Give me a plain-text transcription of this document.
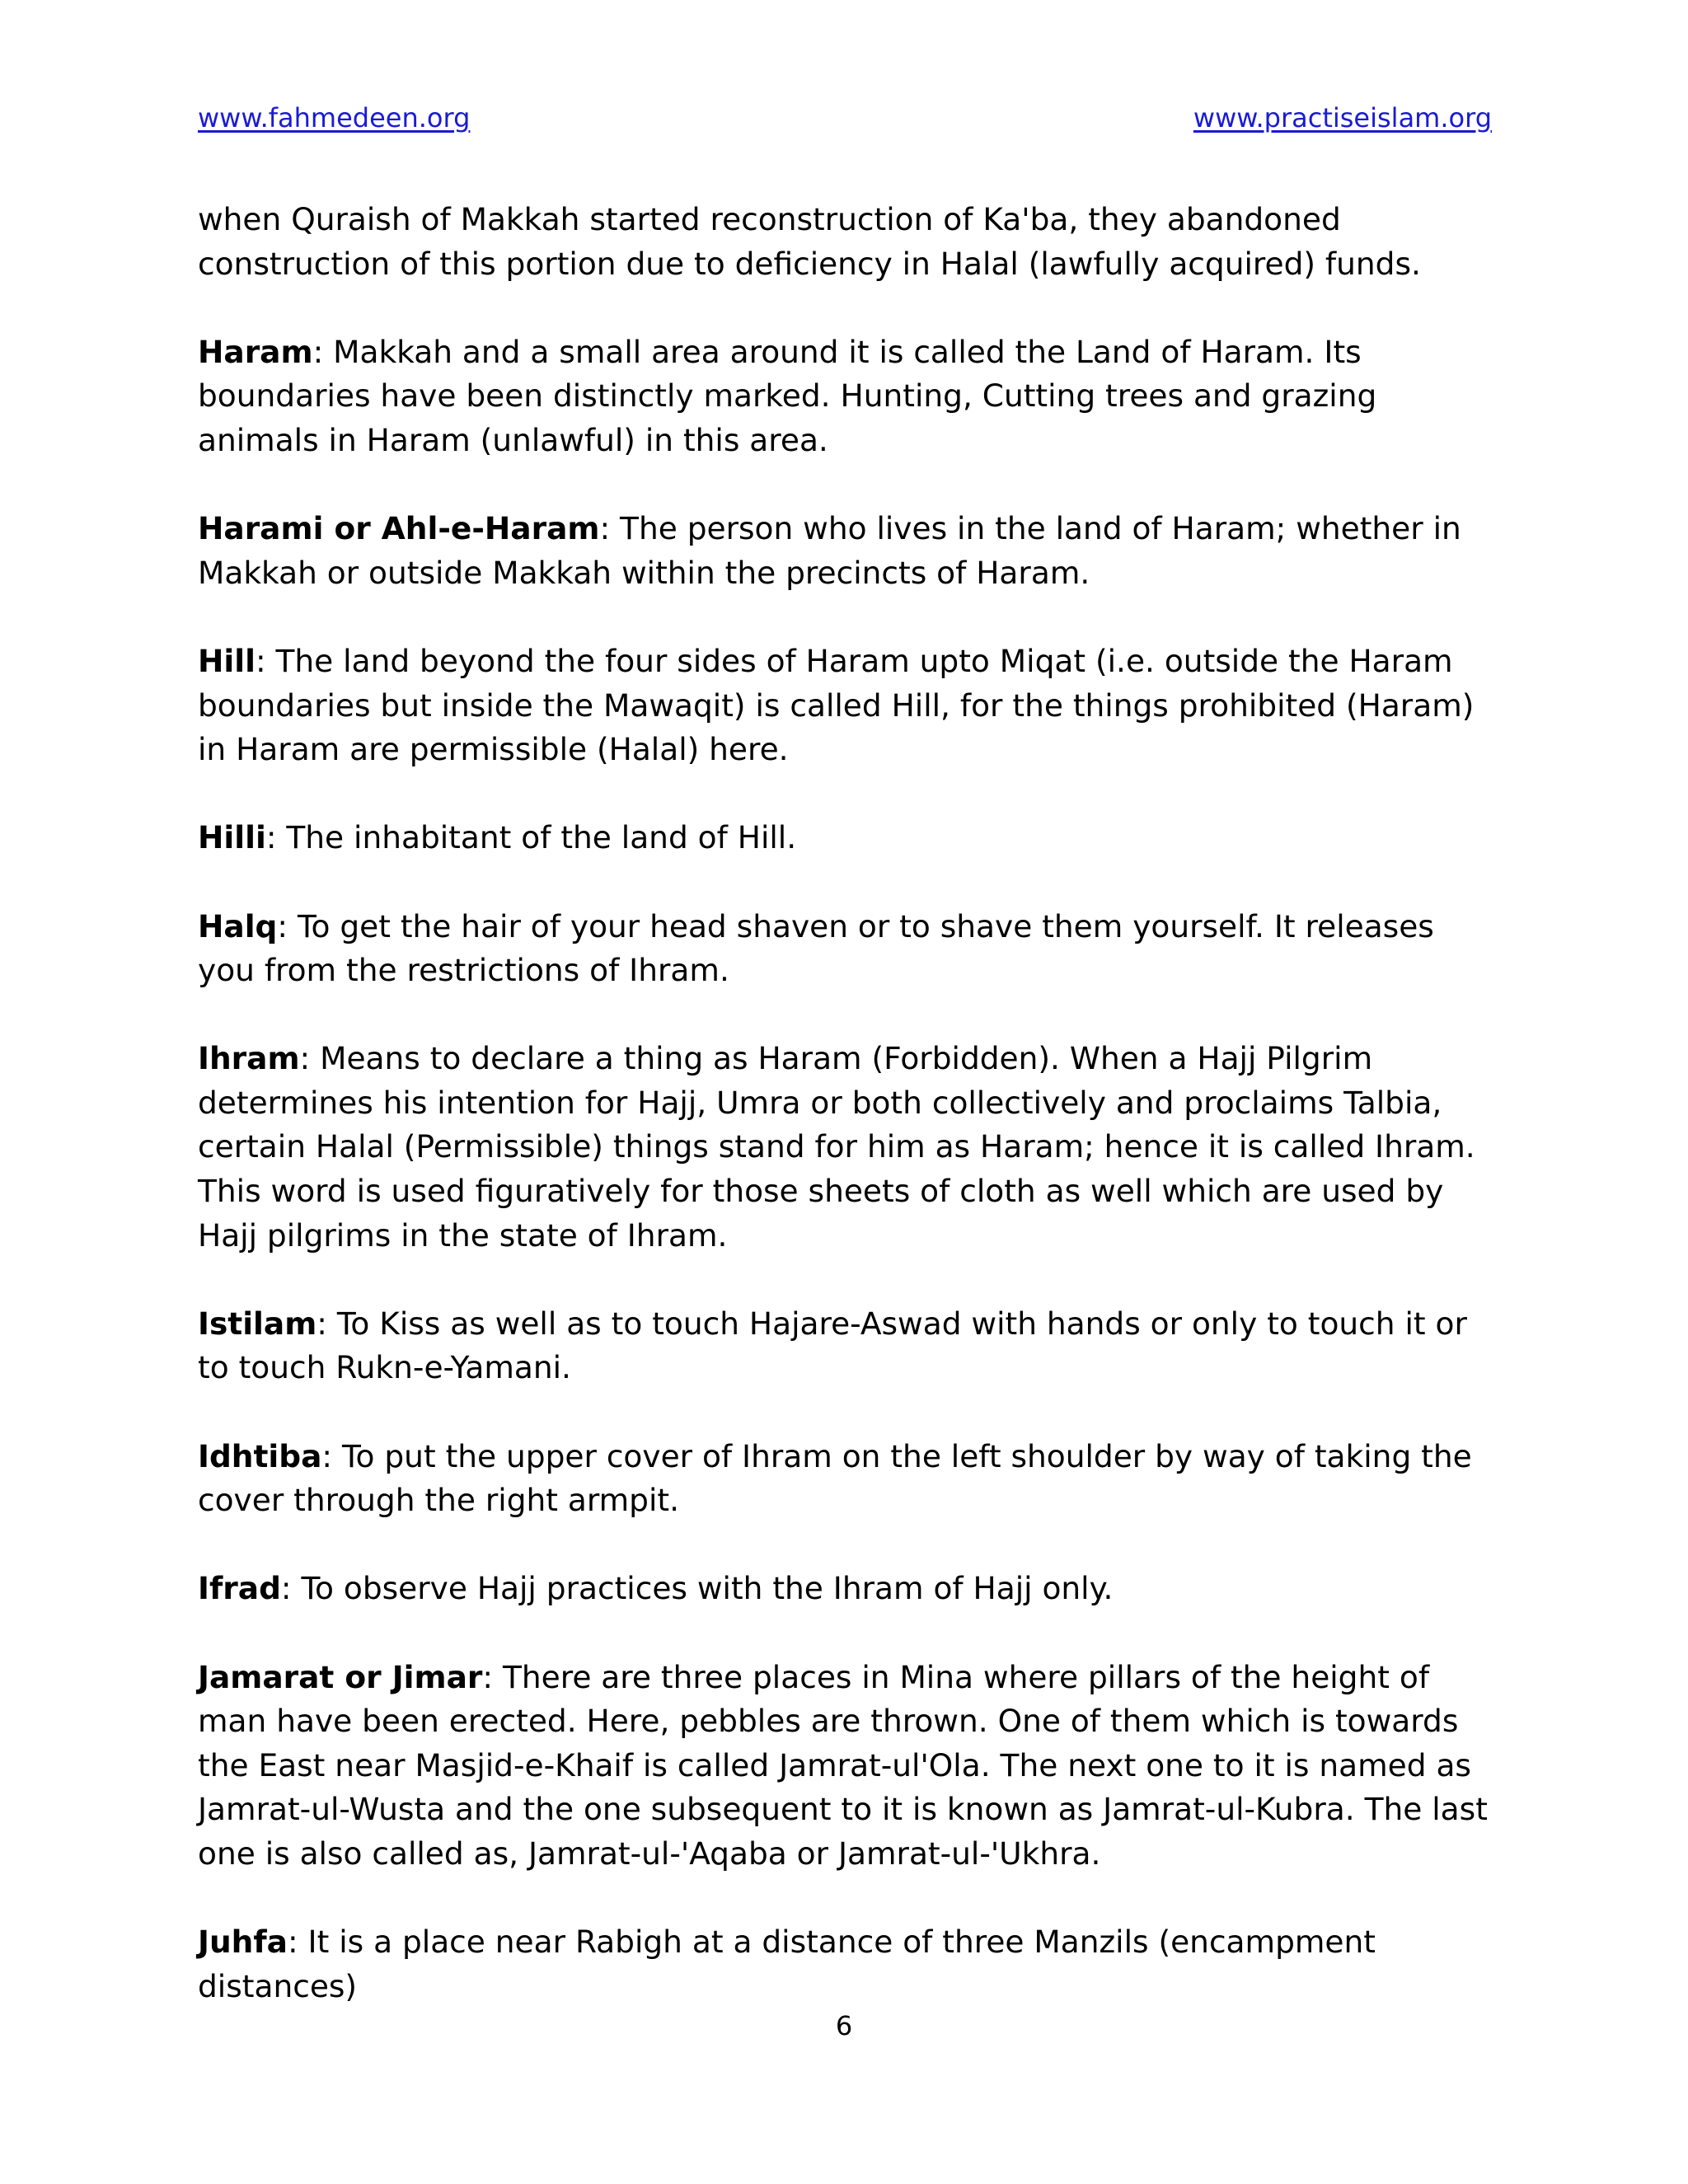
www.fahmedeen.org	www.practiseislam.org

when Quraish of Makkah started reconstruction of Ka'ba, they abandoned construction of this portion due to deficiency in Halal (lawfully acquired) funds.

Haram: Makkah and a small area around it is called the Land of Haram. Its boundaries have been distinctly marked. Hunting, Cutting trees and grazing animals in Haram (unlawful) in this area.

Harami or Ahl-e-Haram: The person who lives in the land of Haram; whether in Makkah or outside Makkah within the precincts of Haram.

Hill: The land beyond the four sides of Haram upto Miqat (i.e. outside the Haram boundaries but inside the Mawaqit) is called Hill, for the things prohibited (Haram) in Haram are permissible (Halal) here.

Hilli: The inhabitant of the land of Hill.

Halq: To get the hair of your head shaven or to shave them yourself. It releases you from the restrictions of Ihram.

Ihram: Means to declare a thing as Haram (Forbidden). When a Hajj Pilgrim determines his intention for Hajj, Umra or both collectively and proclaims Talbia, certain Halal (Permissible) things stand for him as Haram; hence it is called Ihram. This word is used figuratively for those sheets of cloth as well which are used by Hajj pilgrims in the state of Ihram.

Istilam: To Kiss as well as to touch Hajare-Aswad with hands or only to touch it or to touch Rukn-e-Yamani.

Idhtiba: To put the upper cover of Ihram on the left shoulder by way of taking the cover through the right armpit.

Ifrad: To observe Hajj practices with the Ihram of Hajj only.

Jamarat or Jimar: There are three places in Mina where pillars of the height of man have been erected. Here, pebbles are thrown. One of them which is towards the East near Masjid-e-Khaif is called Jamrat-ul'Ola. The next one to it is named as Jamrat-ul-Wusta and the one subsequent to it is known as Jamrat-ul-Kubra. The last one is also called as, Jamrat-ul-'Aqaba or Jamrat-ul-'Ukhra.

Juhfa: It is a place near Rabigh at a distance of three Manzils (encampment distances)

6
